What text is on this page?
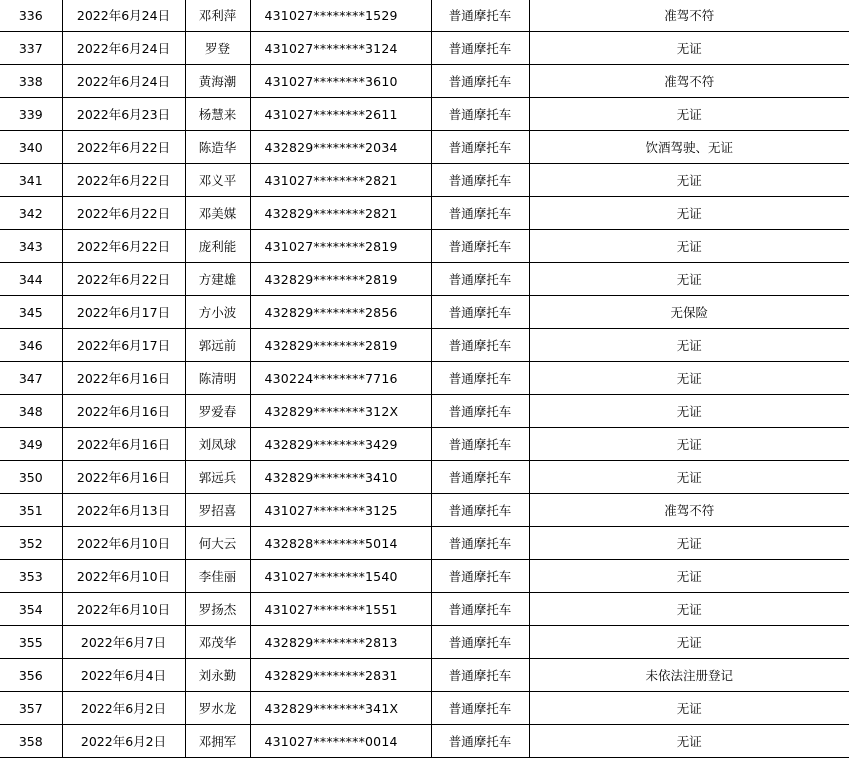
336	2022年6月24日	邓利萍	431027********1529	普通摩托车	准驾不符
337	2022年6月24日	罗登	431027********3124	普通摩托车	无证
338	2022年6月24日	黄海潮	431027********3610	普通摩托车	准驾不符
339	2022年6月23日	杨慧来	431027********2611	普通摩托车	无证
340	2022年6月22日	陈造华	432829********2034	普通摩托车	饮酒驾驶、无证
341	2022年6月22日	邓义平	431027********2821	普通摩托车	无证
342	2022年6月22日	邓美媒	432829********2821	普通摩托车	无证
343	2022年6月22日	庞利能	431027********2819	普通摩托车	无证
344	2022年6月22日	方建雄	432829********2819	普通摩托车	无证
345	2022年6月17日	方小波	432829********2856	普通摩托车	无保险
346	2022年6月17日	郭远前	432829********2819	普通摩托车	无证
347	2022年6月16日	陈清明	430224********7716	普通摩托车	无证
348	2022年6月16日	罗爱春	432829********312X	普通摩托车	无证
349	2022年6月16日	刘凤球	432829********3429	普通摩托车	无证
350	2022年6月16日	郭远兵	432829********3410	普通摩托车	无证
351	2022年6月13日	罗招喜	431027********3125	普通摩托车	准驾不符
352	2022年6月10日	何大云	432828********5014	普通摩托车	无证
353	2022年6月10日	李佳丽	431027********1540	普通摩托车	无证
354	2022年6月10日	罗扬杰	431027********1551	普通摩托车	无证
355	2022年6月7日	邓茂华	432829********2813	普通摩托车	无证
356	2022年6月4日	刘永勤	432829********2831	普通摩托车	未依法注册登记
357	2022年6月2日	罗水龙	432829********341X	普通摩托车	无证
358	2022年6月2日	邓拥军	431027********0014	普通摩托车	无证
